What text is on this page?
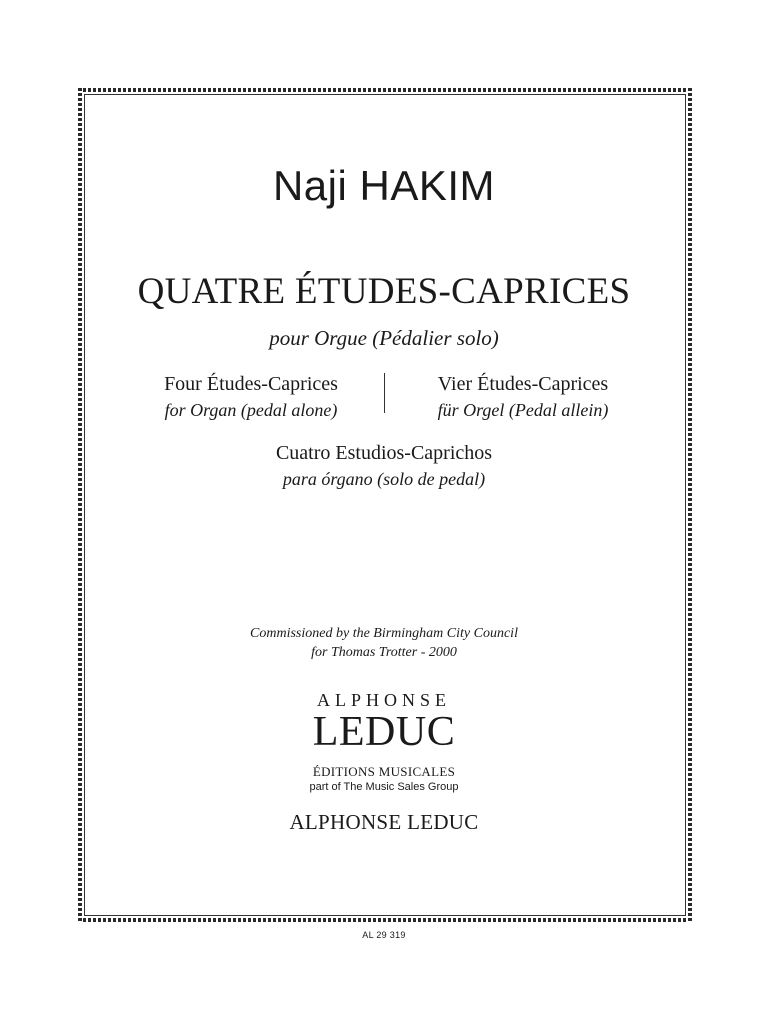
Naji HAKIM
QUATRE ÉTUDES-CAPRICES
pour Orgue (Pédalier solo)
Four Études-Caprices
for Organ (pedal alone)
Vier Études-Caprices
für Orgel (Pedal allein)
Cuatro Estudios-Caprichos
para órgano (solo de pedal)
Commissioned by the Birmingham City Council
for Thomas Trotter - 2000
ALPHONSE
LEDUC
ÉDITIONS MUSICALES
part of The Music Sales Group
ALPHONSE LEDUC
AL 29 319
